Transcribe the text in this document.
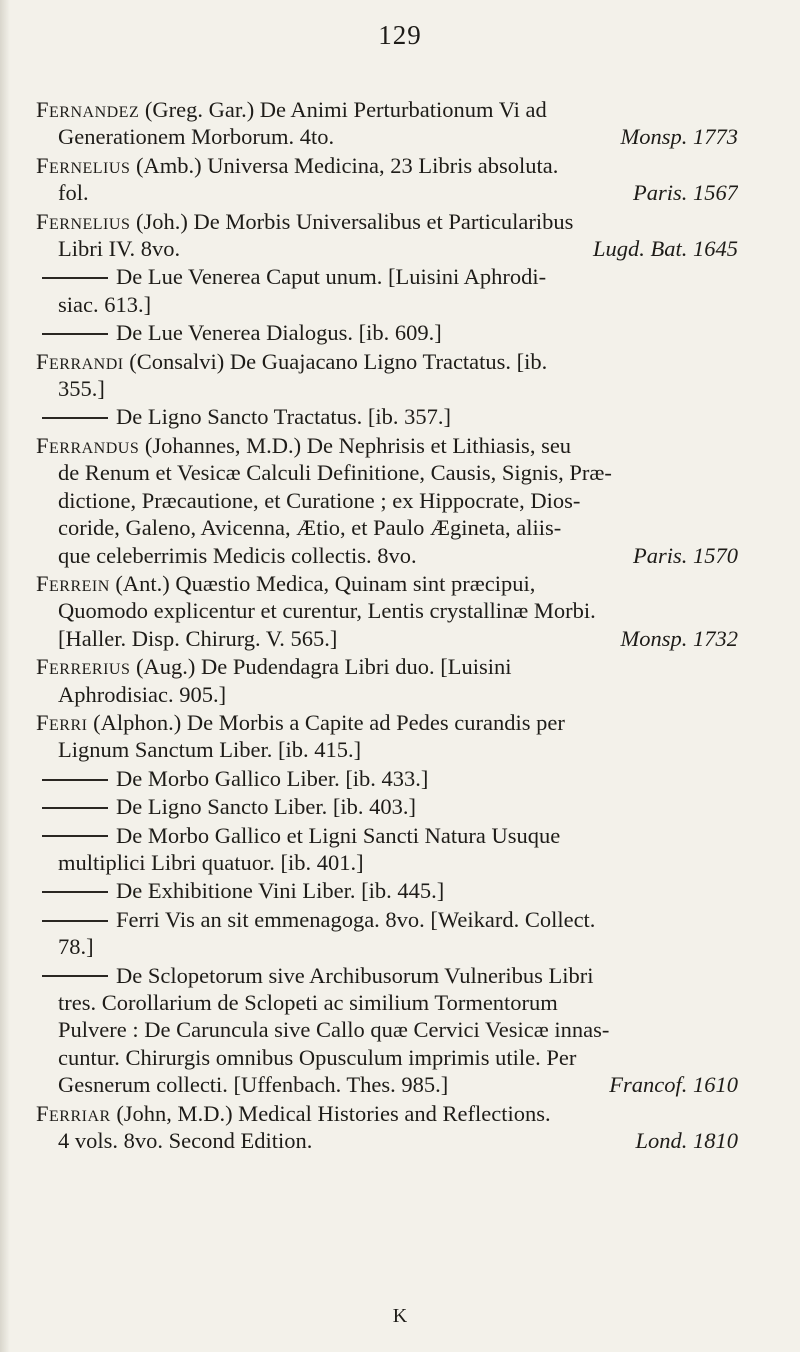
129
Fernandez (Greg. Gar.) De Animi Perturbationum Vi ad
Generationem Morborum. 4to.	Monsp. 1773
Fernelius (Amb.) Universa Medicina, 23 Libris absoluta.
fol.	Paris. 1567
Fernelius (Joh.) De Morbis Universalibus et Particularibus
Libri IV. 8vo.	Lugd. Bat. 1645
De Lue Venerea Caput unum. [Luisini Aphrodi-
siac. 613.]
De Lue Venerea Dialogus. [ib. 609.]
Ferrandi (Consalvi) De Guajacano Ligno Tractatus. [ib.
355.]
De Ligno Sancto Tractatus. [ib. 357.]
Ferrandus (Johannes, M.D.) De Nephrisis et Lithiasis, seu
de Renum et Vesicæ Calculi Definitione, Causis, Signis, Præ-
dictione, Præcautione, et Curatione ; ex Hippocrate, Dios-
coride, Galeno, Avicenna, Ætio, et Paulo Ægineta, aliis-
que celeberrimis Medicis collectis. 8vo.	Paris. 1570
Ferrein (Ant.) Quæstio Medica, Quinam sint præcipui,
Quomodo explicentur et curentur, Lentis crystallinæ Morbi.
[Haller. Disp. Chirurg. V. 565.]	Monsp. 1732
Ferrerius (Aug.) De Pudendagra Libri duo. [Luisini
Aphrodisiac. 905.]
Ferri (Alphon.) De Morbis a Capite ad Pedes curandis per
Lignum Sanctum Liber. [ib. 415.]
De Morbo Gallico Liber. [ib. 433.]
De Ligno Sancto Liber. [ib. 403.]
De Morbo Gallico et Ligni Sancti Natura Usuque
multiplici Libri quatuor. [ib. 401.]
De Exhibitione Vini Liber. [ib. 445.]
Ferri Vis an sit emmenagoga. 8vo. [Weikard. Collect.
78.]
De Sclopetorum sive Archibusorum Vulneribus Libri
tres. Corollarium de Sclopeti ac similium Tormentorum
Pulvere : De Caruncula sive Callo quæ Cervici Vesicæ innas-
cuntur. Chirurgis omnibus Opusculum imprimis utile. Per
Gesnerum collecti. [Uffenbach. Thes. 985.]	Francof. 1610
Ferriar (John, M.D.) Medical Histories and Reflections.
4 vols. 8vo. Second Edition.	Lond. 1810
K
